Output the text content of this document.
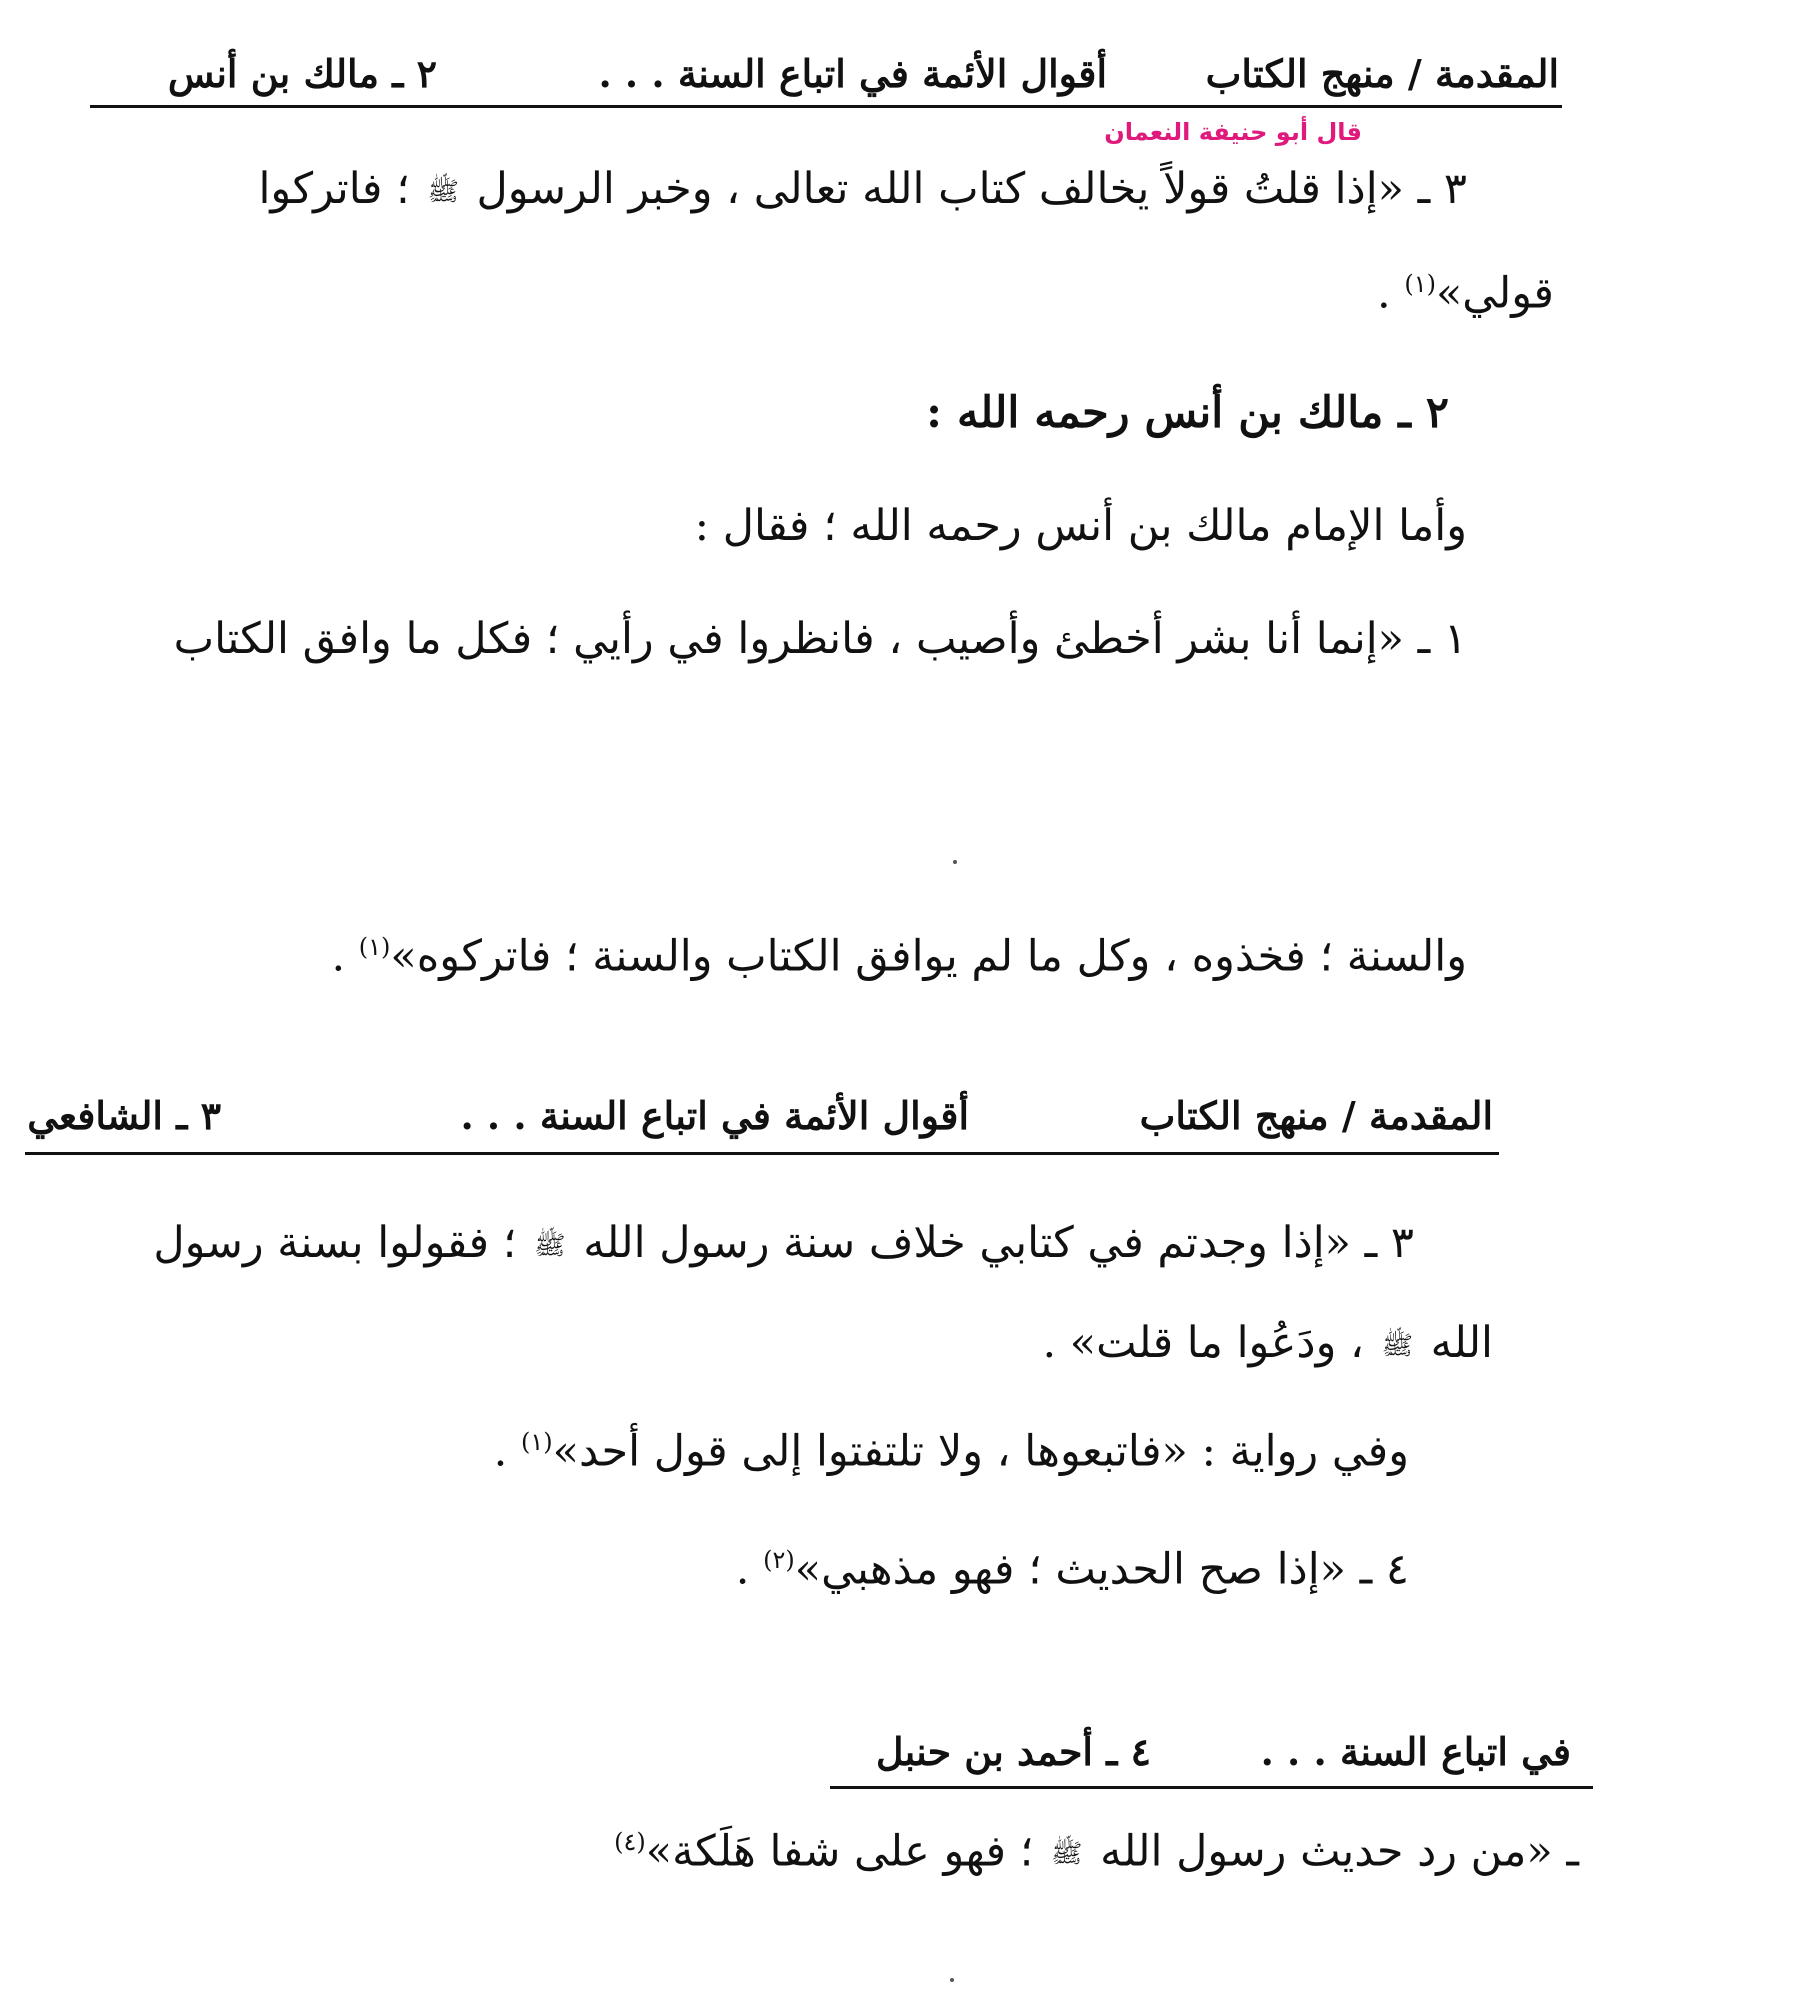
المقدمة / منهج الكتاب
أقوال الأئمة في اتباع السنة . . .
٢ ـ مالك بن أنس
قال أبو حنيفة النعمان
٣ ـ «إذا قلتُ قولاً يخالف كتاب الله تعالى ، وخبر الرسول ﷺ ؛ فاتركوا
قولي»$^{(١)}$ .
٢ ـ مالك بن أنس رحمه الله :
وأما الإمام مالك بن أنس رحمه الله ؛ فقال :
١ ـ «إنما أنا بشر أخطئ وأصيب ، فانظروا في رأيي ؛ فكل ما وافق الكتاب
والسنة ؛ فخذوه ، وكل ما لم يوافق الكتاب والسنة ؛ فاتركوه»$^{(١)}$ .
المقدمة / منهج الكتاب
أقوال الأئمة في اتباع السنة . . .
٣ ـ الشافعي
٣ ـ «إذا وجدتم في كتابي خلاف سنة رسول الله ﷺ ؛ فقولوا بسنة رسول
الله ﷺ ، ودَعُوا ما قلت» .
وفي رواية : «فاتبعوها ، ولا تلتفتوا إلى قول أحد»$^{(١)}$ .
٤ ـ «إذا صح الحديث ؛ فهو مذهبي»$^{(٢)}$ .
في اتباع السنة . . .
٤ ـ أحمد بن حنبل
ـ «من رد حديث رسول الله ﷺ ؛ فهو على شفا هَلَكة»$^{(٤)}$
